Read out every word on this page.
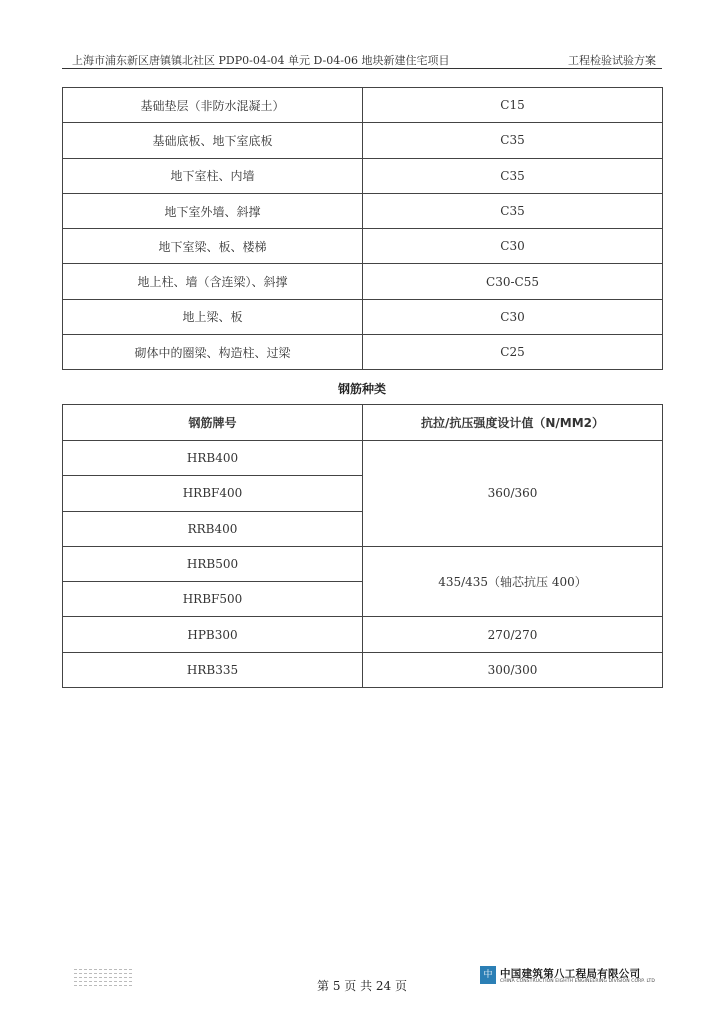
上海市浦东新区唐镇镇北社区 PDP0-04-04 单元 D-04-06 地块新建住宅项目	工程检验试验方案
基础垫层（非防水混凝土）	C15
基础底板、地下室底板	C35
地下室柱、内墙	C35
地下室外墙、斜撑	C35
地下室梁、板、楼梯	C30
地上柱、墙（含连梁）、斜撑	C30-C55
地上梁、板	C30
砌体中的圈梁、构造柱、过梁	C25
钢筋种类
钢筋牌号	抗拉/抗压强度设计值（N/MM2）
HRB400	360/360
HRBF400	
RRB400	
HRB500	435/435（轴芯抗压 400）
HRBF500	
HPB300	270/270
HRB335	300/300
第 5 页 共 24 页
中建
中国建筑第八工程局有限公司
CHINA CONSTRUCTION EIGHTH ENGINEERING DIVISION CORP. LTD
